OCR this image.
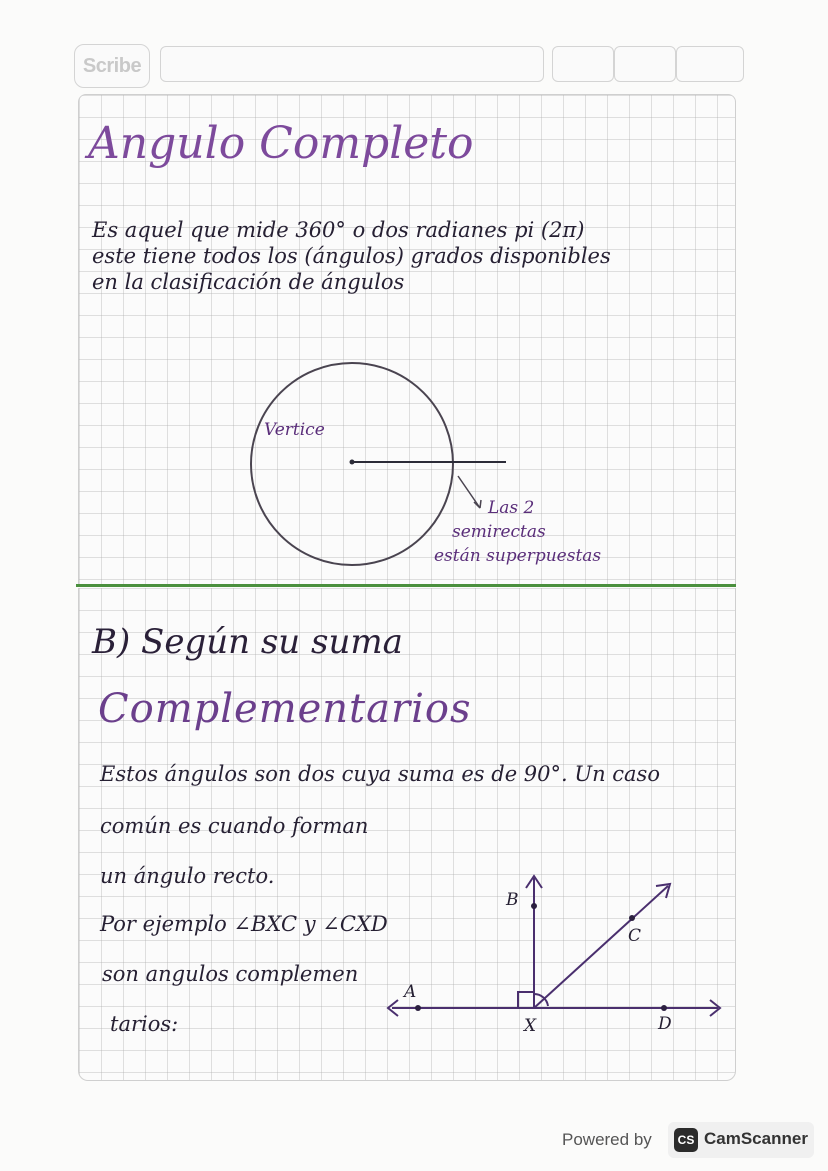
Scribe
Angulo Completo
Es aquel que mide 360° o dos radianes pi (2π)
este tiene todos los (ángulos) grados disponibles
en la clasificación de ángulos
Vertice
Las 2
semirectas
están superpuestas
B) Según su suma
Complementarios
Estos ángulos son dos cuya suma es de 90°. Un caso
común es cuando forman
un ángulo recto.
Por ejemplo ∠BXC y ∠CXD
son angulos complemen
tarios:
A
B
C
D
X
Powered by	CS CamScanner
